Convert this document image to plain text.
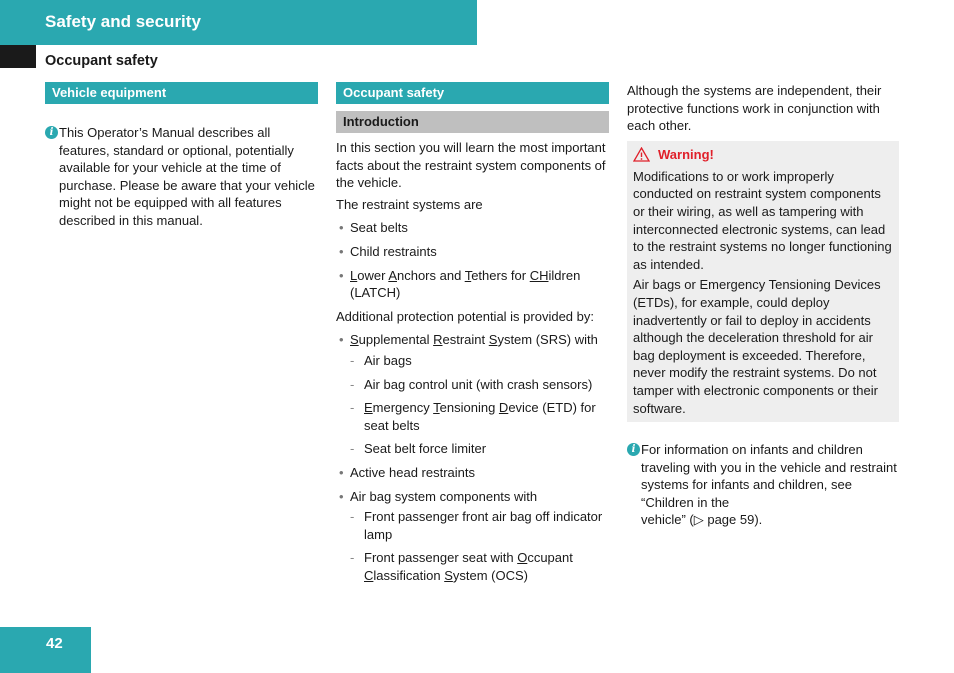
Safety and security
Occupant safety
Vehicle equipment
i This Operator’s Manual describes all features, standard or optional, potentially available for your vehicle at the time of purchase. Please be aware that your vehicle might not be equipped with all features described in this manual.

Occupant safety
Introduction

In this section you will learn the most important facts about the restraint system components of the vehicle.

The restraint systems are

• Seat belts
• Child restraints
• Lower Anchors and Tethers for CHildren
(LATCH)

Additional protection potential is provided by:

• Supplemental Restraint System (SRS) with
- Air bags
- Air bag control unit (with crash sensors)
- Emergency Tensioning Device (ETD) for seat belts
- Seat belt force limiter
• Active head restraints
• Air bag system components with
- Front passenger front air bag off indicator lamp
- Front passenger seat with Occupant
Classification System (OCS)

Although the systems are independent, their protective functions work in conjunction with each other.

Warning!

Modifications to or work improperly conducted on restraint system components or their wiring, as well as tampering with interconnected electronic systems, can lead to the restraint systems no longer functioning as intended.

Air bags or Emergency Tensioning Devices (ETDs), for example, could deploy inadvertently or fail to deploy in accidents although the deceleration threshold for air bag deployment is exceeded. Therefore, never modify the restraint systems. Do not tamper with electronic components or their software.

i For information on infants and children traveling with you in the vehicle and restraint systems for infants and children, see “Children in the
vehicle” (▷ page 59).

42
